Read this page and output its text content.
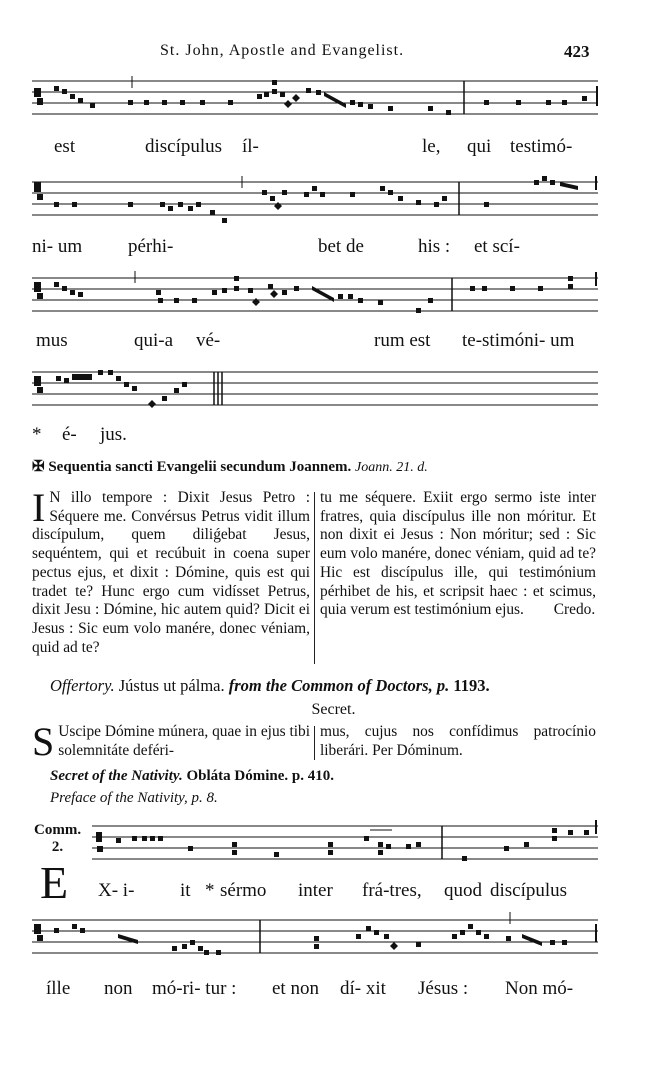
St. John, Apostle and Evangelist.	423
est	discípulus íl-	le, qui testimó-
ni- um pérhi-	bet de	his : et scí-
mus	qui-a vé-	rum est te-stimóni- um
* é- jus.
✠ Sequentia sancti Evangelii secundum Joannem. Joann. 21. d.
I N illo tempore : Dixit Jesus Petro : Séquere me. Convérsus Petrus vidit illum discípulum, quem diliǵebat Jesus, sequéntem, qui et recúbuit in coena super pectus ejus, et dixit : Dómine, quis est qui tradet te? Hunc ergo cum vidísset Petrus, dixit Jesu : Dómine, hic autem quid? Dicit ei Jesus : Sic eum volo manére, donec véniam, quid ad te?
tu me séquere. Exiit ergo sermo iste inter fratres, quia discípulus ille non móritur. Et non dixit ei Jesus : Non móritur; sed : Sic eum volo manére, donec véniam, quid ad te? Hic est discípulus ille, qui testimónium pérhibet de his, et scripsit haec : et scimus, quia verum est testimónium ejus. Credo.
Offertory. Jústus ut pálma. from the Common of Doctors, p. 1193.
Secret.
S Uscipe Dómine múnera, quae in ejus tibi solemnitáte deféri-
mus, cujus nos confídimus patrocínio liberári. Per Dóminum.
Secret of the Nativity. Obláta Dómine. p. 410.
Preface of the Nativity, p. 8.
Comm.
2.
E X- i- it * sérmo inter frá-tres, quod discípulus
ílle non mó-ri- tur : et non dí- xit Jésus : Non mó-
